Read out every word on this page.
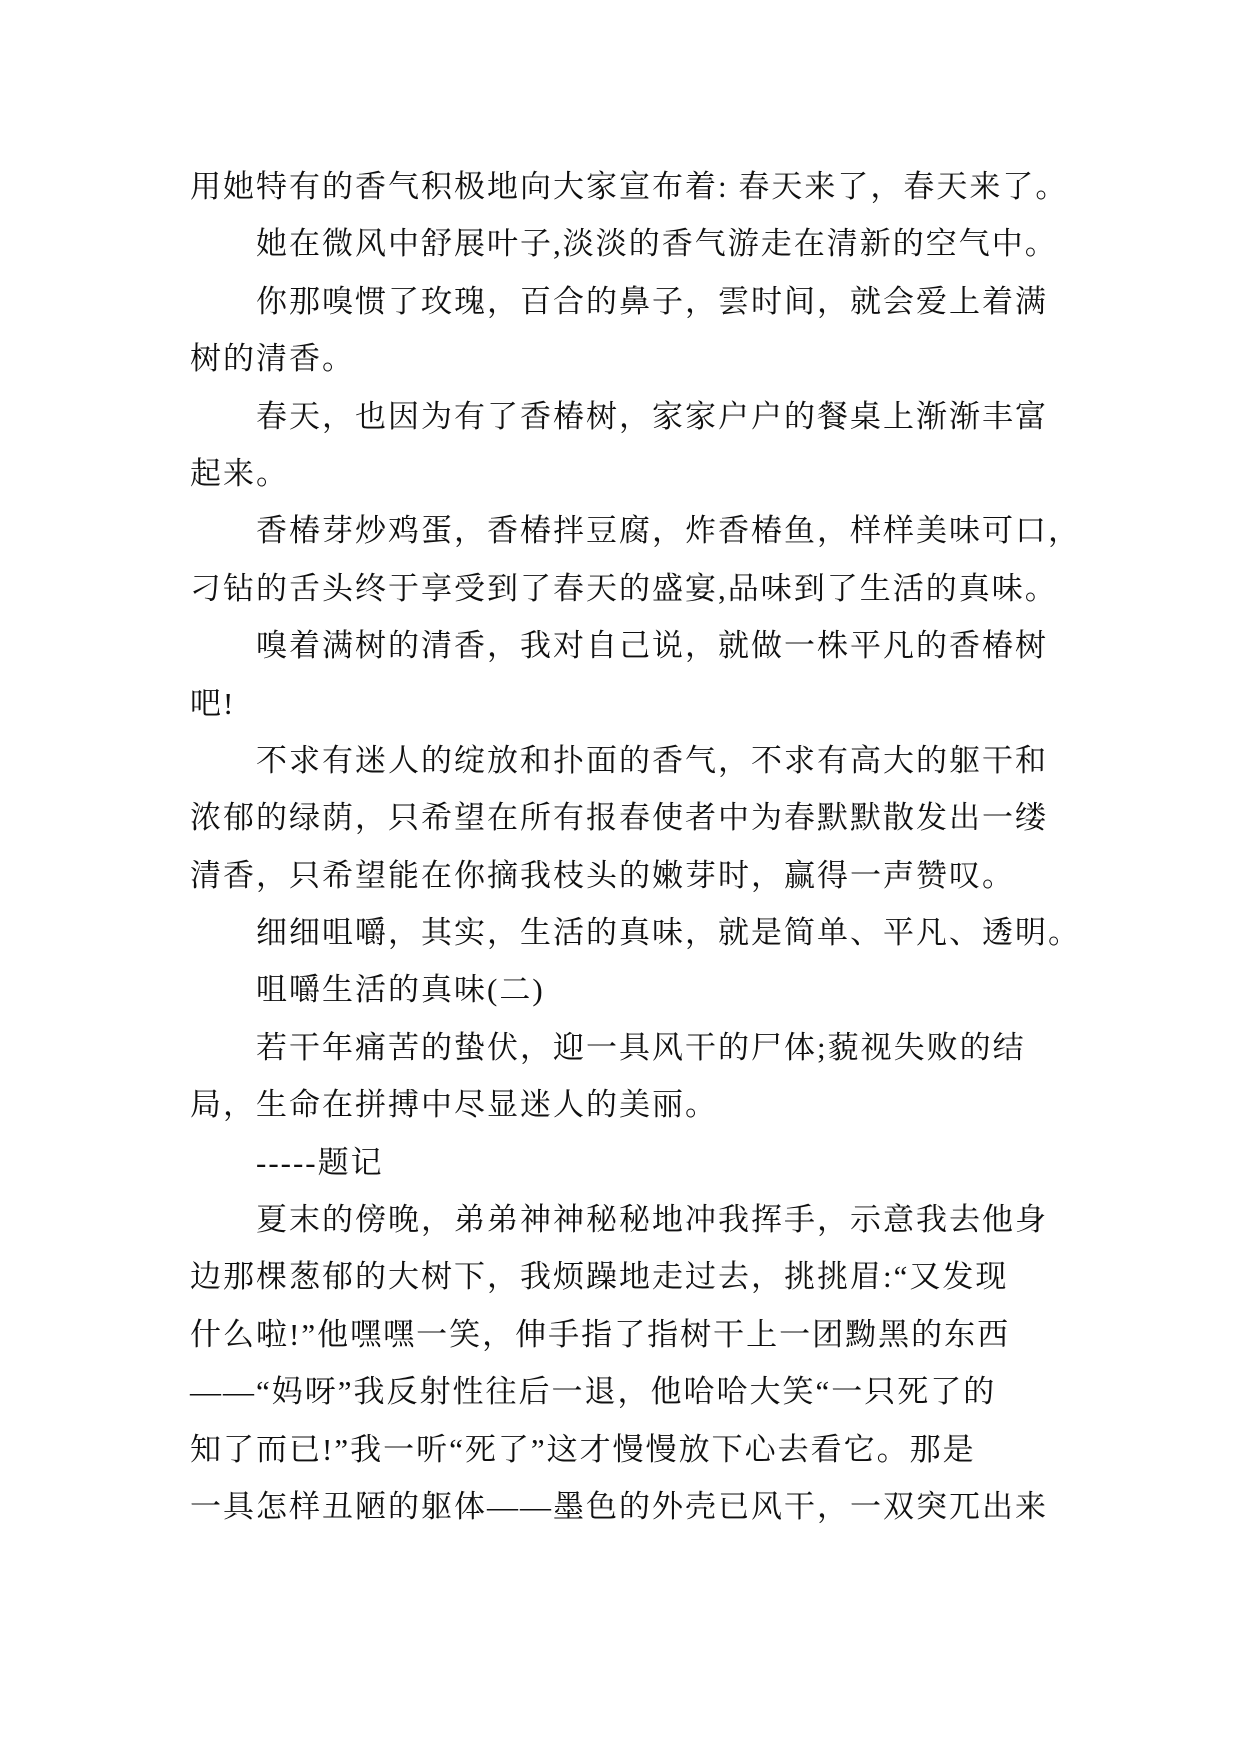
用她特有的香气积极地向大家宣布着: 春天来了，春天来了。
她在微风中舒展叶子,淡淡的香气游走在清新的空气中。
你那嗅惯了玫瑰，百合的鼻子，雲时间，就会爱上着满
树的清香。
春天，也因为有了香椿树，家家户户的餐桌上渐渐丰富
起来。
香椿芽炒鸡蛋，香椿拌豆腐，炸香椿鱼，样样美味可口，
刁钻的舌头终于享受到了春天的盛宴,品味到了生活的真味。
嗅着满树的清香，我对自己说，就做一株平凡的香椿树
吧!
不求有迷人的绽放和扑面的香气，不求有高大的躯干和
浓郁的绿荫，只希望在所有报春使者中为春默默散发出一缕
清香，只希望能在你摘我枝头的嫩芽时，赢得一声赞叹。
细细咀嚼，其实，生活的真味，就是简单、平凡、透明。
咀嚼生活的真味(二)
若干年痛苦的蛰伏，迎一具风干的尸体;藐视失败的结
局，生命在拼搏中尽显迷人的美丽。
-----题记
夏末的傍晚，弟弟神神秘秘地冲我挥手，示意我去他身
边那棵葱郁的大树下，我烦躁地走过去，挑挑眉:“又发现
什么啦!”他嘿嘿一笑，伸手指了指树干上一团黝黑的东西
——“妈呀”我反射性往后一退，他哈哈大笑“一只死了的
知了而已!”我一听“死了”这才慢慢放下心去看它。那是
一具怎样丑陋的躯体——墨色的外壳已风干，一双突兀出来
